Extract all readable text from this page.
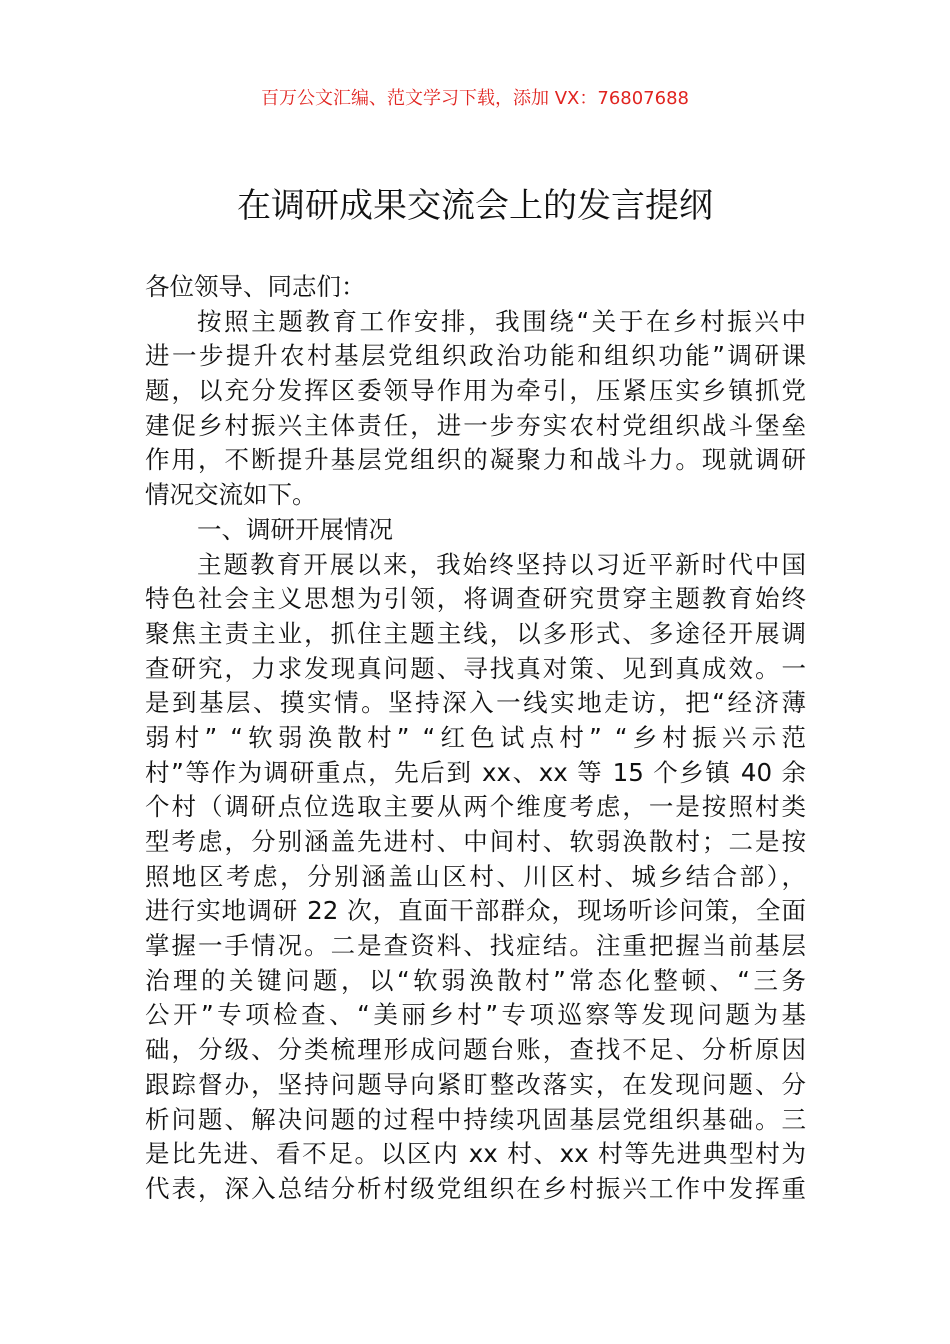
百万公文汇编、范文学习下载，添加 VX：76807688
在调研成果交流会上的发言提纲
各位领导、同志们：
按照主题教育工作安排，我围绕“关于在乡村振兴中
进一步提升农村基层党组织政治功能和组织功能”调研课
题，以充分发挥区委领导作用为牵引，压紧压实乡镇抓党
建促乡村振兴主体责任，进一步夯实农村党组织战斗堡垒
作用，不断提升基层党组织的凝聚力和战斗力。现就调研
情况交流如下。
一、调研开展情况
主题教育开展以来，我始终坚持以习近平新时代中国
特色社会主义思想为引领，将调查研究贯穿主题教育始终
聚焦主责主业，抓住主题主线，以多形式、多途径开展调
查研究，力求发现真问题、寻找真对策、见到真成效。一
是到基层、摸实情。坚持深入一线实地走访，把“经济薄
弱村” “软弱涣散村” “红色试点村” “乡村振兴示范
村”等作为调研重点，先后到 xx、xx 等 15 个乡镇 40 余
个村（调研点位选取主要从两个维度考虑，一是按照村类
型考虑，分别涵盖先进村、中间村、软弱涣散村；二是按
照地区考虑，分别涵盖山区村、川区村、城乡结合部），
进行实地调研 22 次，直面干部群众，现场听诊问策，全面
掌握一手情况。二是查资料、找症结。注重把握当前基层
治理的关键问题，以“软弱涣散村”常态化整顿、“三务
公开”专项检查、“美丽乡村”专项巡察等发现问题为基
础，分级、分类梳理形成问题台账，查找不足、分析原因
跟踪督办，坚持问题导向紧盯整改落实，在发现问题、分
析问题、解决问题的过程中持续巩固基层党组织基础。三
是比先进、看不足。以区内 xx 村、xx 村等先进典型村为
代表，深入总结分析村级党组织在乡村振兴工作中发挥重
